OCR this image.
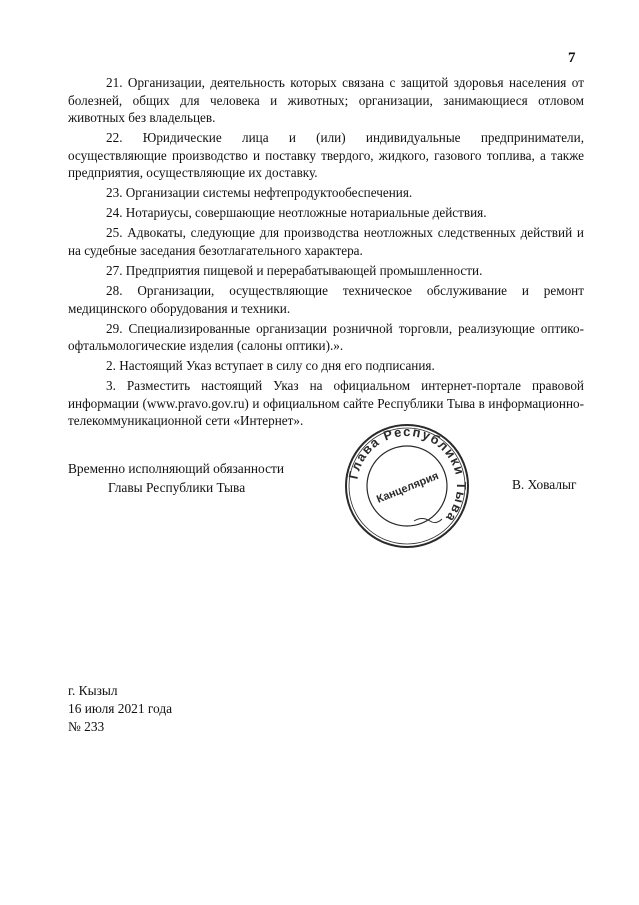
7

21. Организации, деятельность которых связана с защитой здоровья населения от болезней, общих для человека и животных; организации, занимающиеся отловом животных без владельцев.

22. Юридические лица и (или) индивидуальные предприниматели, осуществляющие производство и поставку твердого, жидкого, газового топлива, а также предприятия, осуществляющие их доставку.

23. Организации системы нефтепродуктообеспечения.

24. Нотариусы, совершающие неотложные нотариальные действия.

25. Адвокаты, следующие для производства неотложных следственных действий и на судебные заседания безотлагательного характера.

27. Предприятия пищевой и перерабатывающей промышленности.

28. Организации, осуществляющие техническое обслуживание и ремонт медицинского оборудования и техники.

29. Специализированные организации розничной торговли, реализующие оптико-офтальмологические изделия (салоны оптики).».

2. Настоящий Указ вступает в силу со дня его подписания.

3. Разместить настоящий Указ на официальном интернет-портале правовой информации (www.pravo.gov.ru) и официальном сайте Республики Тыва в информационно-телекоммуникационной сети «Интернет».

Временно исполняющий обязанности
Главы Республики Тыва
Глава Республики Тыва
Канцелярия	В. Ховалыг
г. Кызыл
16 июля 2021 года
№ 233
